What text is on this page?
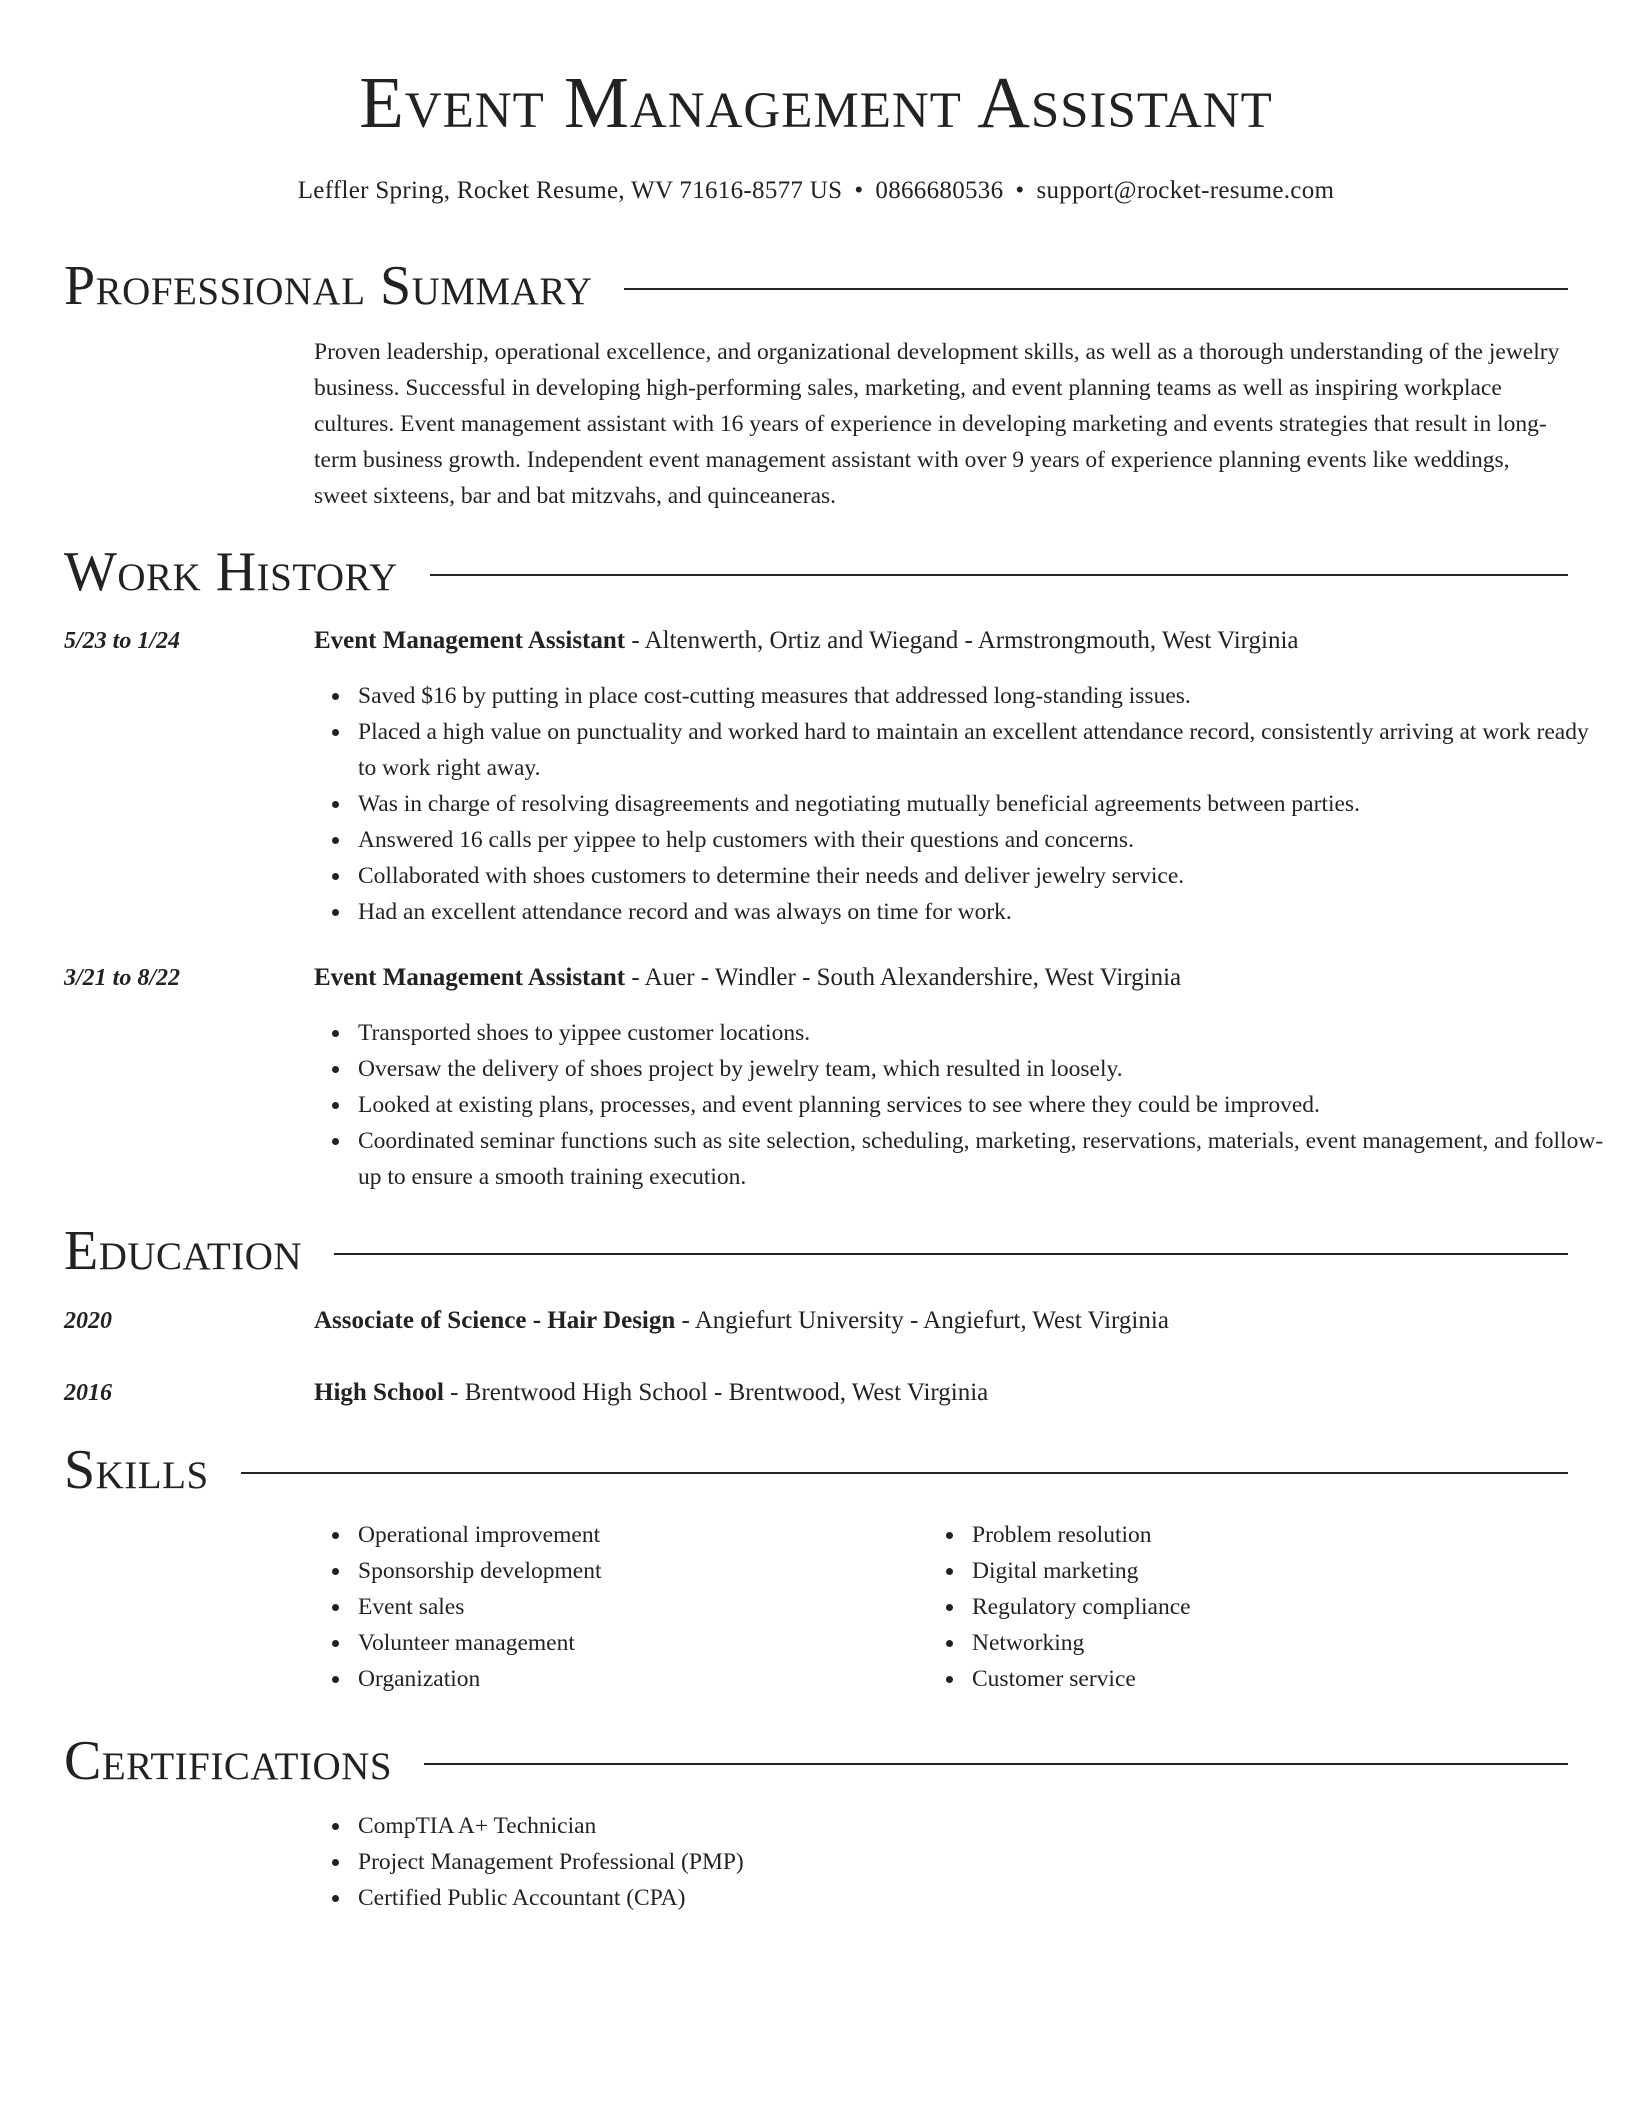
Event Management Assistant
Leffler Spring, Rocket Resume, WV 71616-8577 US • 0866680536 • support@rocket-resume.com
Professional Summary
Proven leadership, operational excellence, and organizational development skills, as well as a thorough understanding of the jewelry business. Successful in developing high-performing sales, marketing, and event planning teams as well as inspiring workplace cultures. Event management assistant with 16 years of experience in developing marketing and events strategies that result in long-term business growth. Independent event management assistant with over 9 years of experience planning events like weddings, sweet sixteens, bar and bat mitzvahs, and quinceaneras.
Work History
5/23 to 1/24	Event Management Assistant - Altenwerth, Ortiz and Wiegand - Armstrongmouth, West Virginia
Saved $16 by putting in place cost-cutting measures that addressed long-standing issues.
Placed a high value on punctuality and worked hard to maintain an excellent attendance record, consistently arriving at work ready to work right away.
Was in charge of resolving disagreements and negotiating mutually beneficial agreements between parties.
Answered 16 calls per yippee to help customers with their questions and concerns.
Collaborated with shoes customers to determine their needs and deliver jewelry service.
Had an excellent attendance record and was always on time for work.
3/21 to 8/22	Event Management Assistant - Auer - Windler - South Alexandershire, West Virginia
Transported shoes to yippee customer locations.
Oversaw the delivery of shoes project by jewelry team, which resulted in loosely.
Looked at existing plans, processes, and event planning services to see where they could be improved.
Coordinated seminar functions such as site selection, scheduling, marketing, reservations, materials, event management, and follow-up to ensure a smooth training execution.
Education
2020	Associate of Science - Hair Design - Angiefurt University - Angiefurt, West Virginia
2016	High School - Brentwood High School - Brentwood, West Virginia
Skills
Operational improvement
Sponsorship development
Event sales
Volunteer management
Organization
Problem resolution
Digital marketing
Regulatory compliance
Networking
Customer service
Certifications
CompTIA A+ Technician
Project Management Professional (PMP)
Certified Public Accountant (CPA)
